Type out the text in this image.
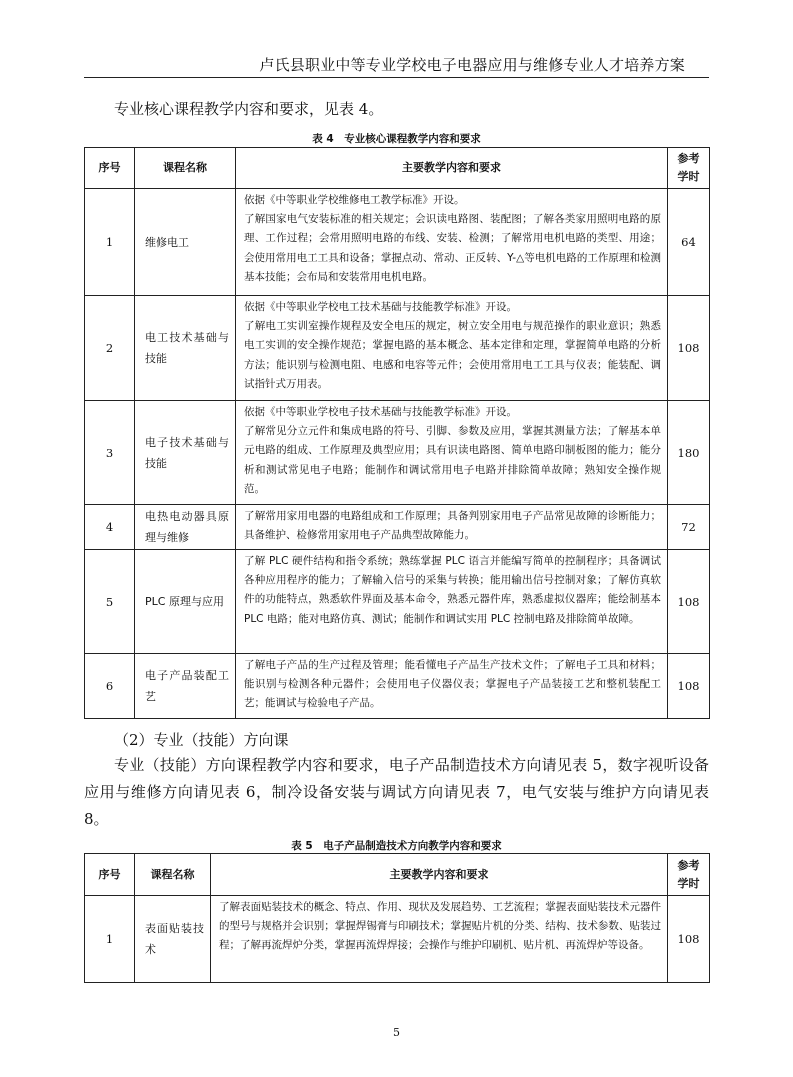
卢氏县职业中等专业学校电子电器应用与维修专业人才培养方案

专业核心课程教学内容和要求，见表 4。

表 4　专业核心课程教学内容和要求
序号	课程名称	主要教学内容和要求	参考
学时

1	维修电工	依据《中等职业学校维修电工教学标准》开设。
了解国家电气安装标准的相关规定；会识读电路图、装配图；了解各类家用照明电路的原理、工作过程；会常用照明电路的布线、安装、检测；了解常用电机电路的类型、用途；会使用常用电工工具和设备；掌握点动、常动、正反转、Y-△等电机电路的工作原理和检测基本技能；会布局和安装常用电机电路。	64
2	电工技术基础与技能	依据《中等职业学校电工技术基础与技能教学标准》开设。
了解电工实训室操作规程及安全电压的规定，树立安全用电与规范操作的职业意识；熟悉电工实训的安全操作规范；掌握电路的基本概念、基本定律和定理，掌握简单电路的分析方法；能识别与检测电阻、电感和电容等元件；会使用常用电工工具与仪表；能装配、调试指针式万用表。	108
3	电子技术基础与技能	依据《中等职业学校电子技术基础与技能教学标准》开设。
了解常见分立元件和集成电路的符号、引脚、参数及应用，掌握其测量方法；了解基本单元电路的组成、工作原理及典型应用；具有识读电路图、简单电路印制板图的能力；能分析和测试常见电子电路；能制作和调试常用电子电路并排除简单故障；熟知安全操作规范。	180
4	电热电动器具原理与维修	了解常用家用电器的电路组成和工作原理；具备判别家用电子产品常见故障的诊断能力；具备维护、检修常用家用电子产品典型故障能力。	72
5	PLC 原理与应用	了解 PLC 硬件结构和指令系统；熟练掌握 PLC 语言并能编写简单的控制程序；具备调试各种应用程序的能力；了解输入信号的采集与转换；能用输出信号控制对象；了解仿真软件的功能特点，熟悉软件界面及基本命令，熟悉元器件库，熟悉虚拟仪器库；能绘制基本 PLC 电路；能对电路仿真、测试；能制作和调试实用 PLC 控制电路及排除简单故障。	108
6	电子产品装配工艺	了解电子产品的生产过程及管理；能看懂电子产品生产技术文件；了解电子工具和材料；能识别与检测各种元器件；会使用电子仪器仪表；掌握电子产品装接工艺和整机装配工艺；能调试与检验电子产品。	108

（2）专业（技能）方向课

专业（技能）方向课程教学内容和要求，电子产品制造技术方向请见表 5，数字视听设备应用与维修方向请见表 6，制冷设备安装与调试方向请见表 7，电气安装与维护方向请见表 8。

表 5　电子产品制造技术方向教学内容和要求
序号	课程名称	主要教学内容和要求	参考
学时

1	表面贴装技术	了解表面贴装技术的概念、特点、作用、现状及发展趋势、工艺流程；掌握表面贴装技术元器件的型号与规格并会识别；掌握焊锡膏与印刷技术；掌握贴片机的分类、结构、技术参数、贴装过程；了解再流焊炉分类，掌握再流焊焊接；会操作与维护印刷机、贴片机、再流焊炉等设备。	108
5
